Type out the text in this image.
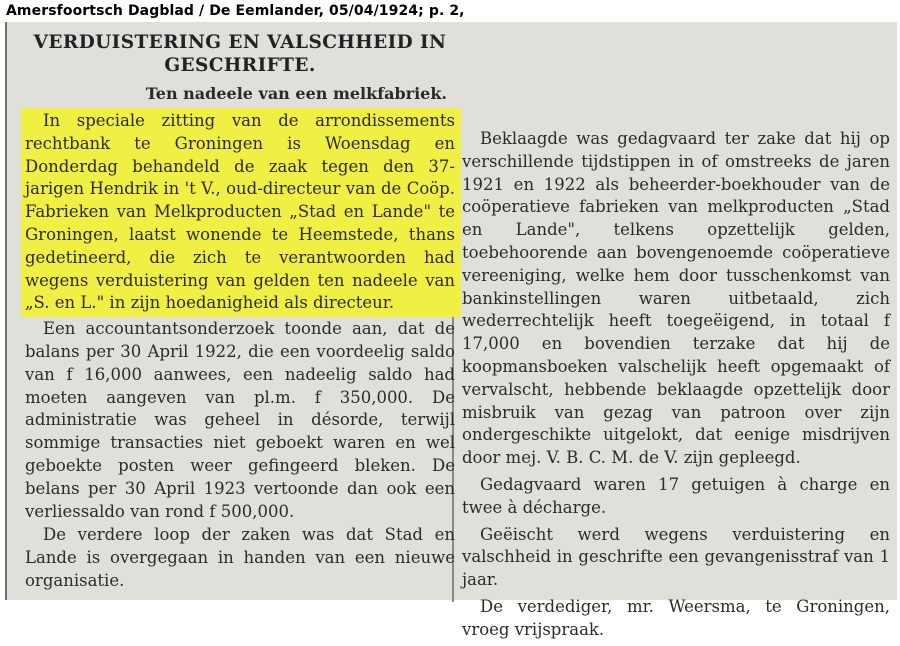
Amersfoortsch Dagblad / De Eemlander, 05/04/1924; p. 2,
VERDUISTERING EN VALSCHHEID IN GESCHRIFTE.
Ten nadeele van een melkfabriek.

In speciale zitting van de arrondissements rechtbank te Groningen is Woensdag en Donderdag behandeld de zaak tegen den 37-jarigen Hendrik in 't V., oud-directeur van de Coöp. Fabrieken van Melkproducten „Stad en Lande" te Groningen, laatst wonende te Heemstede, thans gedetineerd, die zich te verantwoorden had wegens verduistering van gelden ten nadeele van „S. en L." in zijn hoedanigheid als directeur.

Een accountantsonderzoek toonde aan, dat de balans per 30 April 1922, die een voordeelig saldo van f 16,000 aanwees, een nadeelig saldo had moeten aangeven van pl.m. f 350,000. De administratie was geheel in désorde, terwijl sommige transacties niet geboekt waren en wel geboekte posten weer gefingeerd bleken. De belans per 30 April 1923 vertoonde dan ook een verliessaldo van rond f 500,000.

De verdere loop der zaken was dat Stad en Lande is overgegaan in handen van een nieuwe organisatie.

Beklaagde was gedagvaard ter zake dat hij op verschillende tijdstippen in of omstreeks de jaren 1921 en 1922 als beheerder-boekhouder van de coöperatieve fabrieken van melkproducten „Stad en Lande", telkens opzettelijk gelden, toebehoorende aan bovengenoemde coöperatieve vereeniging, welke hem door tusschenkomst van bankinstellingen waren uitbetaald, zich wederrechtelijk heeft toegeëigend, in totaal f 17,000 en bovendien terzake dat hij de koopmansboeken valschelijk heeft opgemaakt of vervalscht, hebbende beklaagde opzettelijk door misbruik van gezag van patroon over zijn ondergeschikte uitgelokt, dat eenige misdrijven door mej. V. B. C. M. de V. zijn gepleegd.

Gedagvaard waren 17 getuigen à charge en twee à décharge.

Geëischt werd wegens verduistering en valschheid in geschrifte een gevangenisstraf van 1 jaar.

De verdediger, mr. Weersma, te Groningen, vroeg vrijspraak.
